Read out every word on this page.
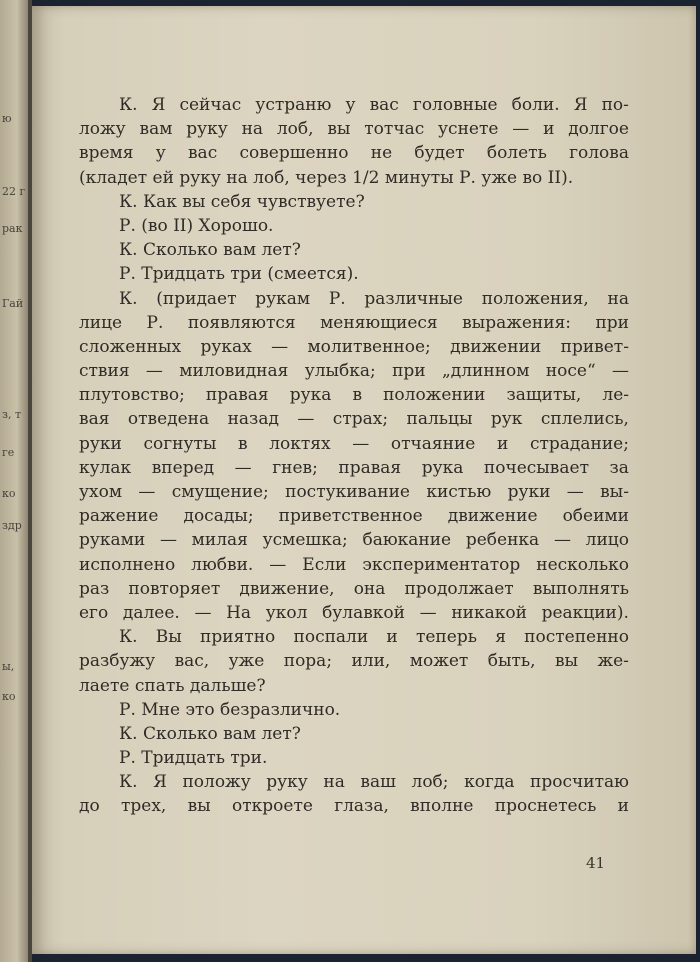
ю
22 г
рак
Гай
з, т
ге
ко
здр
ы,
ко
К. Я сейчас устраню у вас головные боли. Я по-
ложу вам руку на лоб, вы тотчас уснете — и долгое
время у вас совершенно не будет болеть голова
(кладет ей руку на лоб, через 1/2 минуты Р. уже во II).
К. Как вы себя чувствуете?
Р. (во II) Хорошо.
К. Сколько вам лет?
Р. Тридцать три (смеется).
К. (придает рукам Р. различные положения, на
лице Р. появляются меняющиеся выражения: при
сложенных руках — молитвенное; движении привет-
ствия — миловидная улыбка; при „длинном носе“ —
плутовство; правая рука в положении защиты, ле-
вая отведена назад — страх; пальцы рук сплелись,
руки согнуты в локтях — отчаяние и страдание;
кулак вперед — гнев; правая рука почесывает за
ухом — смущение; постукивание кистью руки — вы-
ражение досады; приветственное движение обеими
руками — милая усмешка; баюкание ребенка — лицо
исполнено любви. — Если экспериментатор несколько
раз повторяет движение, она продолжает выполнять
его далее. — На укол булавкой — никакой реакции).
К. Вы приятно поспали и теперь я постепенно
разбужу вас, уже пора; или, может быть, вы же-
лаете спать дальше?
Р. Мне это безразлично.
К. Сколько вам лет?
Р. Тридцать три.
К. Я положу руку на ваш лоб; когда просчитаю
до трех, вы откроете глаза, вполне проснетесь и
41
